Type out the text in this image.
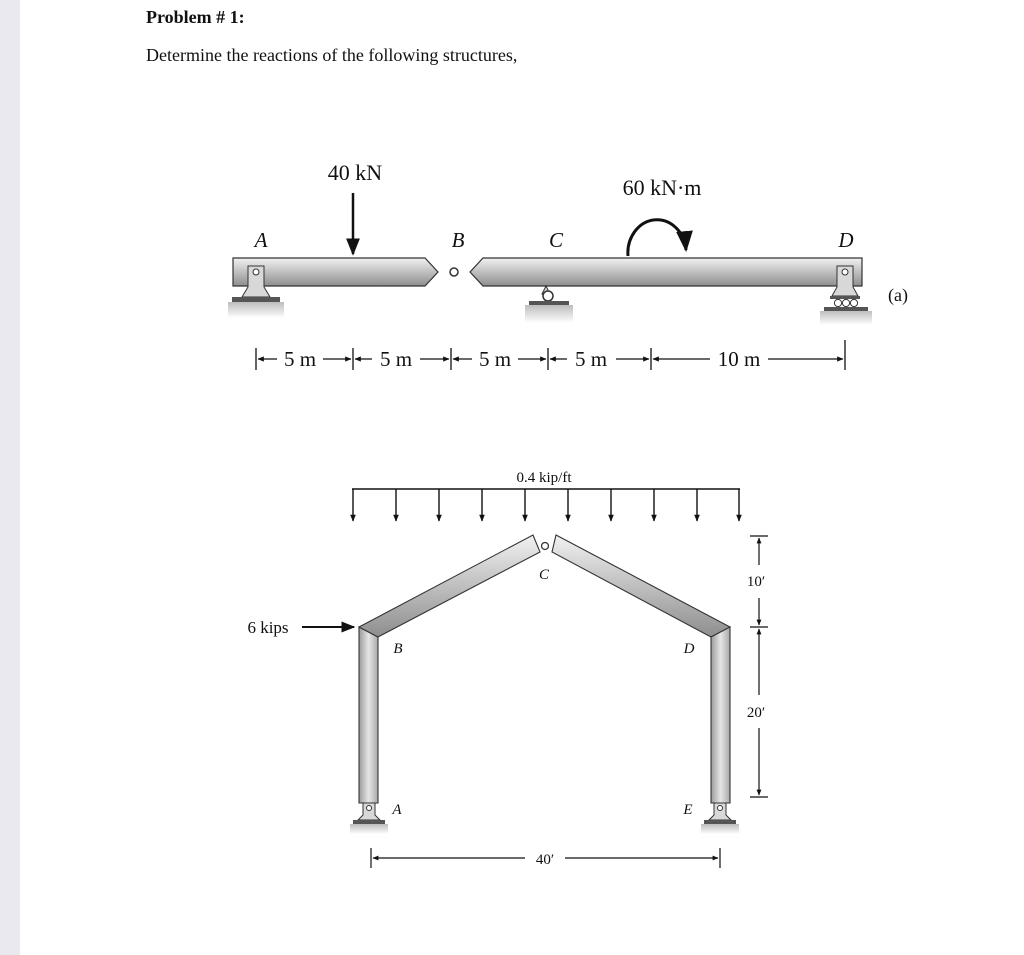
Problem # 1:
Determine the reactions of the following structures,
40 kN
60 kN·m
A	B	C	D
(a)
5 m	5 m	5 m	5 m	10 m
0.4 kip/ft
6 kips
B
C
D
A	E
10′
20′
40′
